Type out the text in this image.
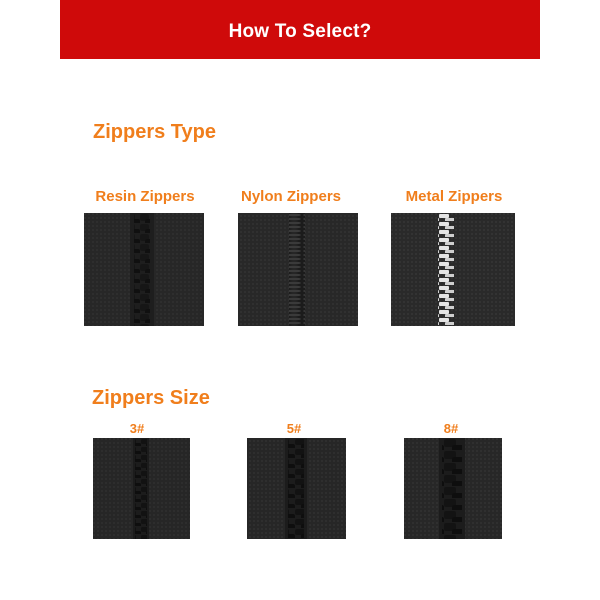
How To Select?
Zippers Type
Resin Zippers	Nylon Zippers	Metal Zippers
Zippers Size
3#	5#	8#
